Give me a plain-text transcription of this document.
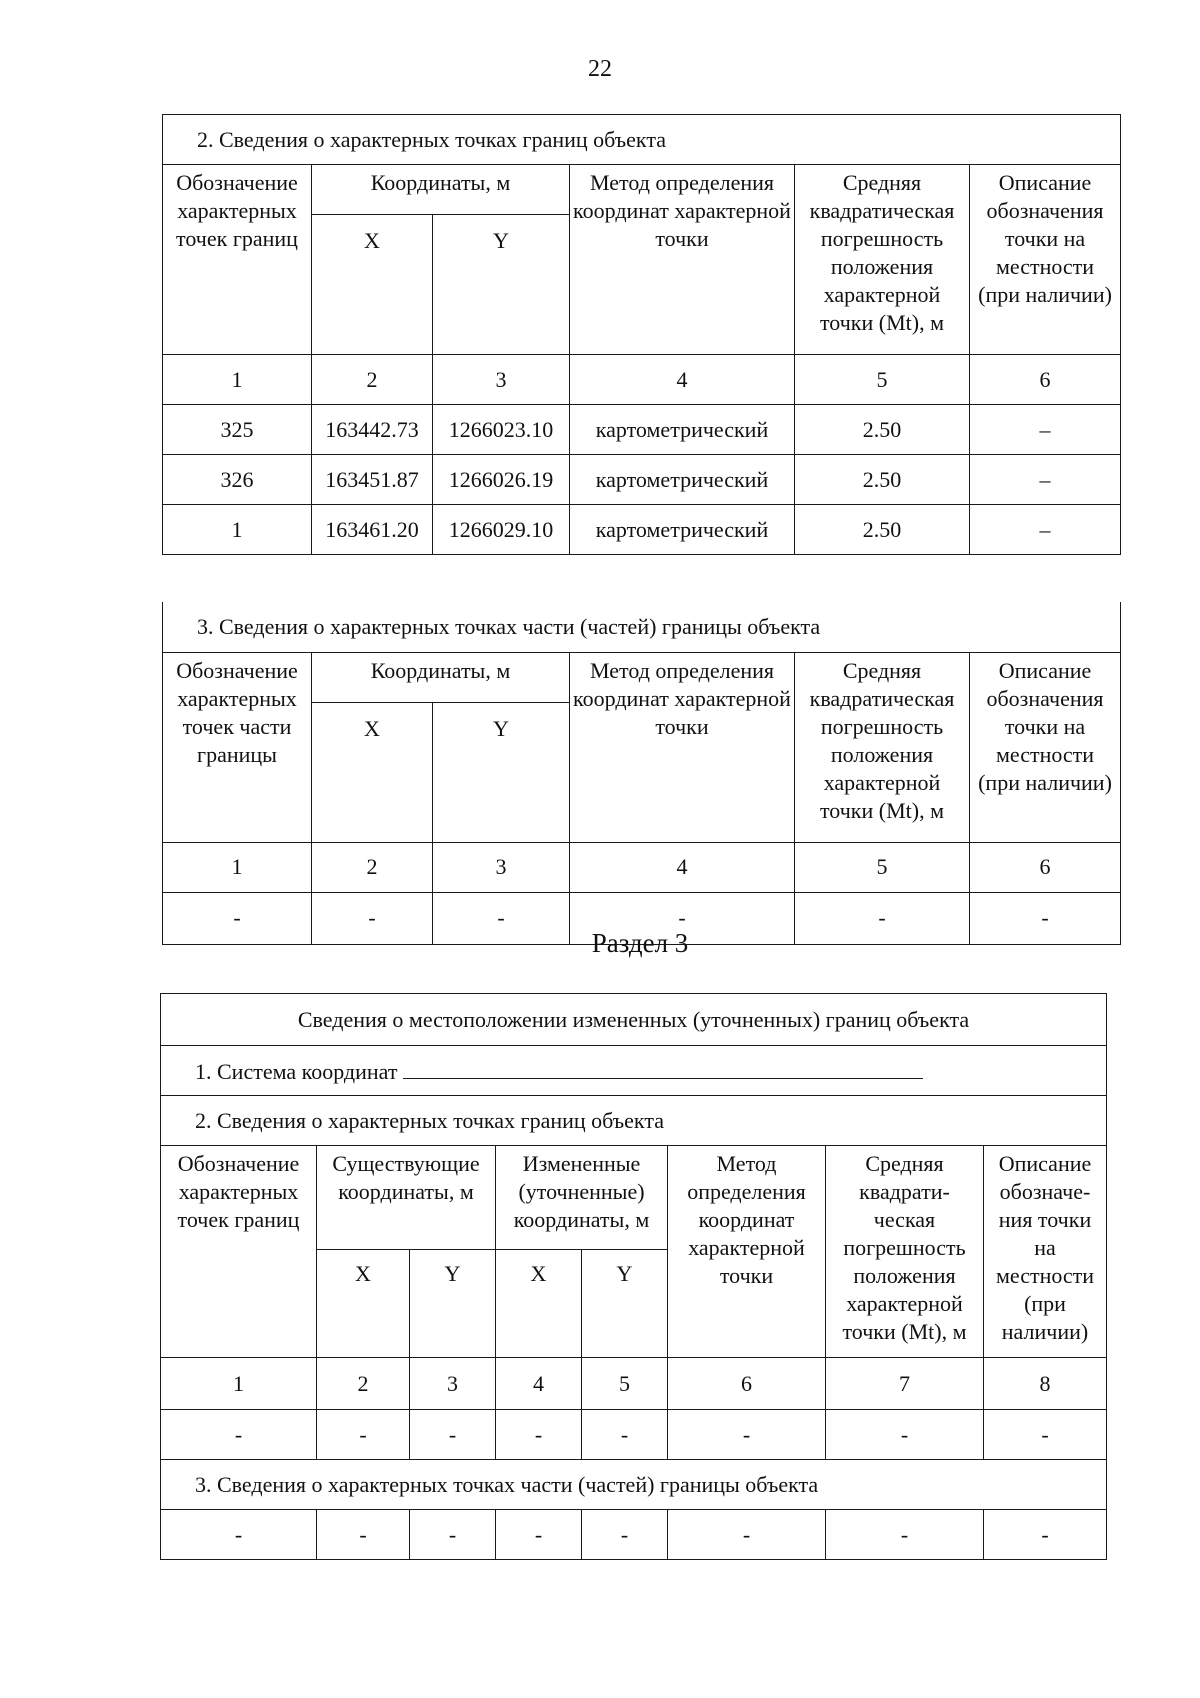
22
2. Сведения о характерных точках границ объекта					
Обозначение характерных точек границ	Координаты, м		Метод определения координат характерной точки	Средняя квадратическая погрешность положения характерной точки (Mt), м	Описание обозначения точки на местности (при наличии)
	X	Y			
1	2	3	4	5	6
325	163442.73	1266023.10	картометрический	2.50	–
326	163451.87	1266026.19	картометрический	2.50	–
1	163461.20	1266029.10	картометрический	2.50	–
3. Сведения о характерных точках части (частей) границы объекта					
Обозначение характерных точек части границы	Координаты, м		Метод определения координат характерной точки	Средняя квадратическая погрешность положения характерной точки (Mt), м	Описание обозначения точки на местности (при наличии)
	X	Y			
1	2	3	4	5	6
-	-	-	-	-	-
Раздел 3
Сведения о местоположении измененных (уточненных) границ объекта							
1. Система координат							
2. Сведения о характерных точках границ объекта							
Обозначение характерных точек границ	Существующие координаты, м		Измененные (уточненные) координаты, м		Метод определения координат характерной точки	Средняя квадрати-ческая погрешность положения характерной точки (Mt), м	Описание обозначе-ния точки на местности (при наличии)
	X	Y	X	Y			
1	2	3	4	5	6	7	8
-	-	-	-	-	-	-	-
3. Сведения о характерных точках части (частей) границы объекта							
-	-	-	-	-	-	-	-
